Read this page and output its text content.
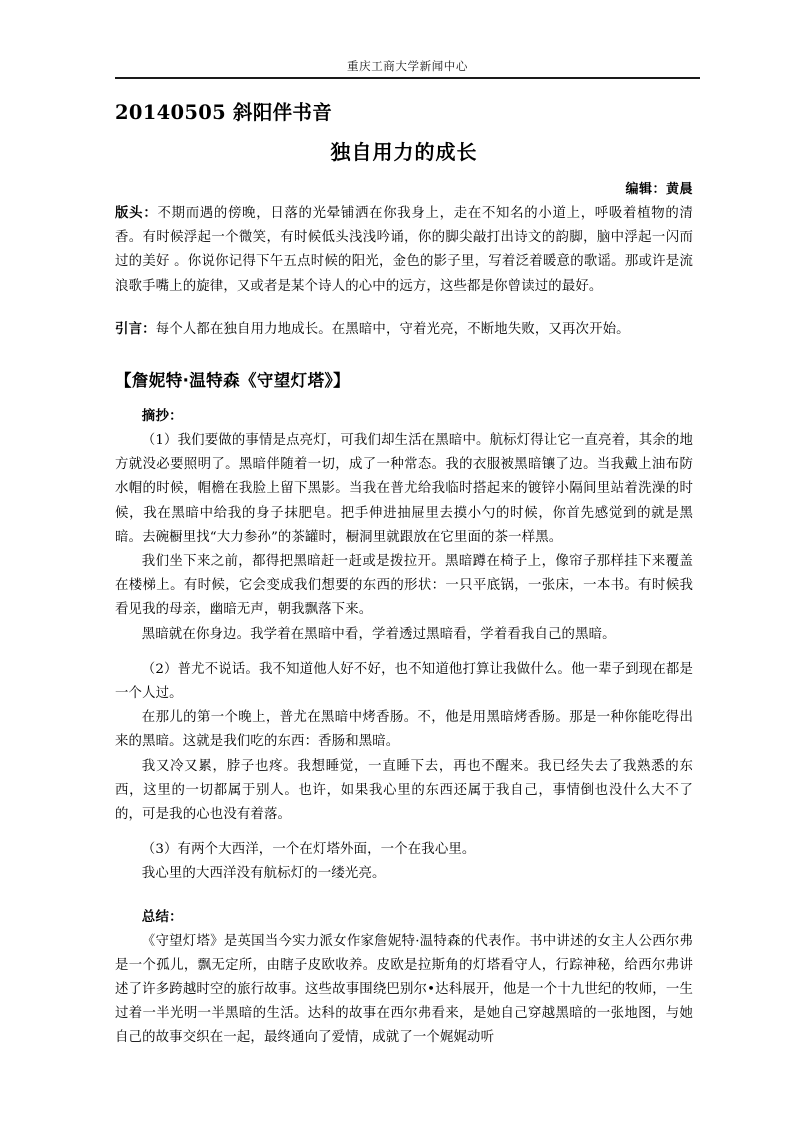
重庆工商大学新闻中心
20140505 斜阳伴书音
独自用力的成长
编辑：黄晨

版头：不期而遇的傍晚，日落的光晕铺洒在你我身上，走在不知名的小道上，呼吸着植物的清香。有时候浮起一个微笑，有时候低头浅浅吟诵，你的脚尖敲打出诗文的韵脚，脑中浮起一闪而过的美好 。你说你记得下午五点时候的阳光，金色的影子里，写着泛着暖意的歌谣。那或许是流浪歌手嘴上的旋律，又或者是某个诗人的心中的远方，这些都是你曾读过的最好。

引言：每个人都在独自用力地成长。在黑暗中，守着光亮，不断地失败，又再次开始。

【詹妮特·温特森《守望灯塔》】

摘抄：

（1）我们要做的事情是点亮灯，可我们却生活在黑暗中。航标灯得让它一直亮着，其余的地方就没必要照明了。黑暗伴随着一切，成了一种常态。我的衣服被黑暗镶了边。当我戴上油布防水帽的时候，帽檐在我脸上留下黑影。当我在普尤给我临时搭起来的镀锌小隔间里站着洗澡的时候，我在黑暗中给我的身子抹肥皂。把手伸进抽屉里去摸小勺的时候，你首先感觉到的就是黑暗。去碗橱里找“大力参孙”的茶罐时，橱洞里就跟放在它里面的茶一样黑。

我们坐下来之前，都得把黑暗赶一赶或是拨拉开。黑暗蹲在椅子上，像帘子那样挂下来覆盖在楼梯上。有时候，它会变成我们想要的东西的形状：一只平底锅，一张床，一本书。有时候我看见我的母亲，幽暗无声，朝我飘落下来。

黑暗就在你身边。我学着在黑暗中看，学着透过黑暗看，学着看我自己的黑暗。

（2）普尤不说话。我不知道他人好不好，也不知道他打算让我做什么。他一辈子到现在都是一个人过。

在那儿的第一个晚上，普尤在黑暗中烤香肠。不，他是用黑暗烤香肠。那是一种你能吃得出来的黑暗。这就是我们吃的东西：香肠和黑暗。

我又冷又累，脖子也疼。我想睡觉，一直睡下去，再也不醒来。我已经失去了我熟悉的东西，这里的一切都属于别人。也许，如果我心里的东西还属于我自己，事情倒也没什么大不了的，可是我的心也没有着落。

（3）有两个大西洋，一个在灯塔外面，一个在我心里。

我心里的大西洋没有航标灯的一缕光亮。

总结：

《守望灯塔》是英国当今实力派女作家詹妮特·温特森的代表作。书中讲述的女主人公西尔弗是一个孤儿，飘无定所，由瞎子皮欧收养。皮欧是拉斯角的灯塔看守人，行踪神秘，给西尔弗讲述了许多跨越时空的旅行故事。这些故事围绕巴别尔•达科展开，他是一个十九世纪的牧师，一生过着一半光明一半黑暗的生活。达科的故事在西尔弗看来，是她自己穿越黑暗的一张地图，与她自己的故事交织在一起，最终通向了爱情，成就了一个娓娓动听
